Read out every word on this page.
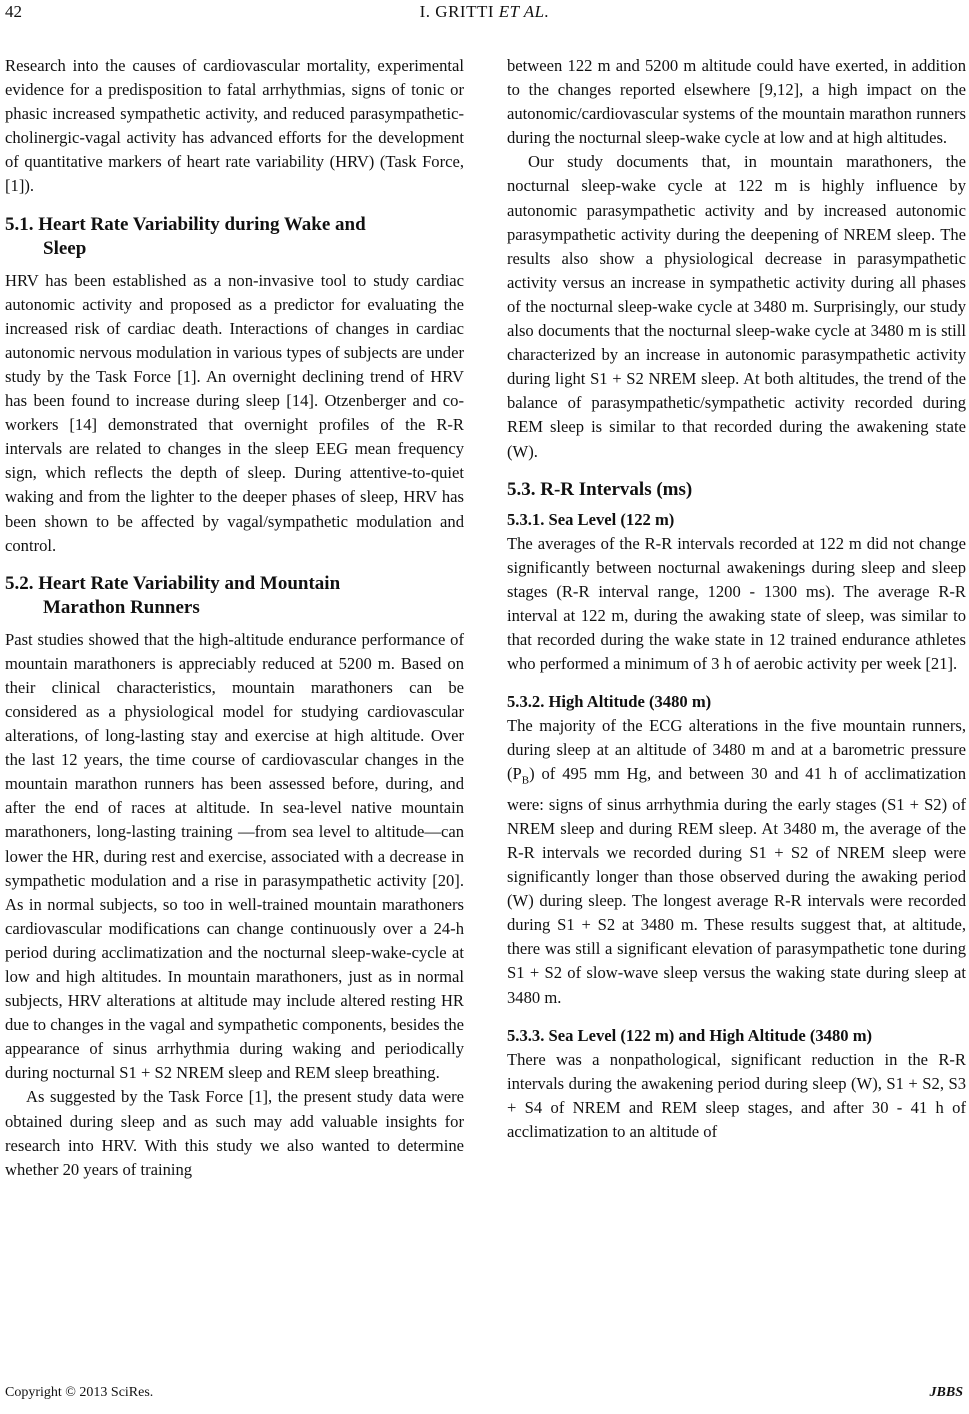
42	I. GRITTI ET AL.

Research into the causes of cardiovascular mortality, experimental evidence for a predisposition to fatal arrhythmias, signs of tonic or phasic increased sympathetic activity, and reduced parasympathetic-cholinergic-vagal activity has advanced efforts for the development of quantitative markers of heart rate variability (HRV) (Task Force, [1]).

5.1. Heart Rate Variability during Wake and
Sleep

HRV has been established as a non-invasive tool to study cardiac autonomic activity and proposed as a predictor for evaluating the increased risk of cardiac death. Interactions of changes in cardiac autonomic nervous modulation in various types of subjects are under study by the Task Force [1]. An overnight declining trend of HRV has been found to increase during sleep [14]. Otzenberger and co-workers [14] demonstrated that overnight profiles of the R-R intervals are related to changes in the sleep EEG mean frequency sign, which reflects the depth of sleep. During attentive-to-quiet waking and from the lighter to the deeper phases of sleep, HRV has been shown to be affected by vagal/sympathetic modulation and control.

5.2. Heart Rate Variability and Mountain
Marathon Runners

Past studies showed that the high-altitude endurance performance of mountain marathoners is appreciably reduced at 5200 m. Based on their clinical characteristics, mountain marathoners can be considered as a physiological model for studying cardiovascular alterations, of long-lasting stay and exercise at high altitude. Over the last 12 years, the time course of cardiovascular changes in the mountain marathon runners has been assessed before, during, and after the end of races at altitude. In sea-level native mountain marathoners, long-lasting training —from sea level to altitude—can lower the HR, during rest and exercise, associated with a decrease in sympathetic modulation and a rise in parasympathetic activity [20]. As in normal subjects, so too in well-trained mountain marathoners cardiovascular modifications can change continuously over a 24-h period during acclimatization and the nocturnal sleep-wake-cycle at low and high altitudes. In mountain marathoners, just as in normal subjects, HRV alterations at altitude may include altered resting HR due to changes in the vagal and sympathetic components, besides the appearance of sinus arrhythmia during waking and periodically during nocturnal S1 + S2 NREM sleep and REM sleep breathing.

As suggested by the Task Force [1], the present study data were obtained during sleep and as such may add valuable insights for research into HRV. With this study we also wanted to determine whether 20 years of training

between 122 m and 5200 m altitude could have exerted, in addition to the changes reported elsewhere [9,12], a high impact on the autonomic/cardiovascular systems of the mountain marathon runners during the nocturnal sleep-wake cycle at low and at high altitudes.

Our study documents that, in mountain marathoners, the nocturnal sleep-wake cycle at 122 m is highly influence by autonomic parasympathetic activity and by increased autonomic parasympathetic activity during the deepening of NREM sleep. The results also show a physiological decrease in parasympathetic activity versus an increase in sympathetic activity during all phases of the nocturnal sleep-wake cycle at 3480 m. Surprisingly, our study also documents that the nocturnal sleep-wake cycle at 3480 m is still characterized by an increase in autonomic parasympathetic activity during light S1 + S2 NREM sleep. At both altitudes, the trend of the balance of parasympathetic/sympathetic activity recorded during REM sleep is similar to that recorded during the awakening state (W).

5.3. R-R Intervals (ms)
5.3.1. Sea Level (122 m)

The averages of the R-R intervals recorded at 122 m did not change significantly between nocturnal awakenings during sleep and sleep stages (R-R interval range, 1200 - 1300 ms). The average R-R interval at 122 m, during the awaking state of sleep, was similar to that recorded during the wake state in 12 trained endurance athletes who performed a minimum of 3 h of aerobic activity per week [21].

5.3.2. High Altitude (3480 m)

The majority of the ECG alterations in the five mountain runners, during sleep at an altitude of 3480 m and at a barometric pressure $(P_B)$ of 495 mm Hg, and between 30 and 41 h of acclimatization were: signs of sinus arrhythmia during the early stages (S1 + S2) of NREM sleep and during REM sleep. At 3480 m, the average of the R-R intervals we recorded during S1 + S2 of NREM sleep were significantly longer than those observed during the awaking period (W) during sleep. The longest average R-R intervals were recorded during S1 + S2 at 3480 m. These results suggest that, at altitude, there was still a significant elevation of parasympathetic tone during S1 + S2 of slow-wave sleep versus the waking state during sleep at 3480 m.

5.3.3. Sea Level (122 m) and High Altitude (3480 m)

There was a nonpathological, significant reduction in the R-R intervals during the awakening period during sleep (W), S1 + S2, S3 + S4 of NREM and REM sleep stages, and after 30 - 41 h of acclimatization to an altitude of

Copyright © 2013 SciRes.	JBBS
